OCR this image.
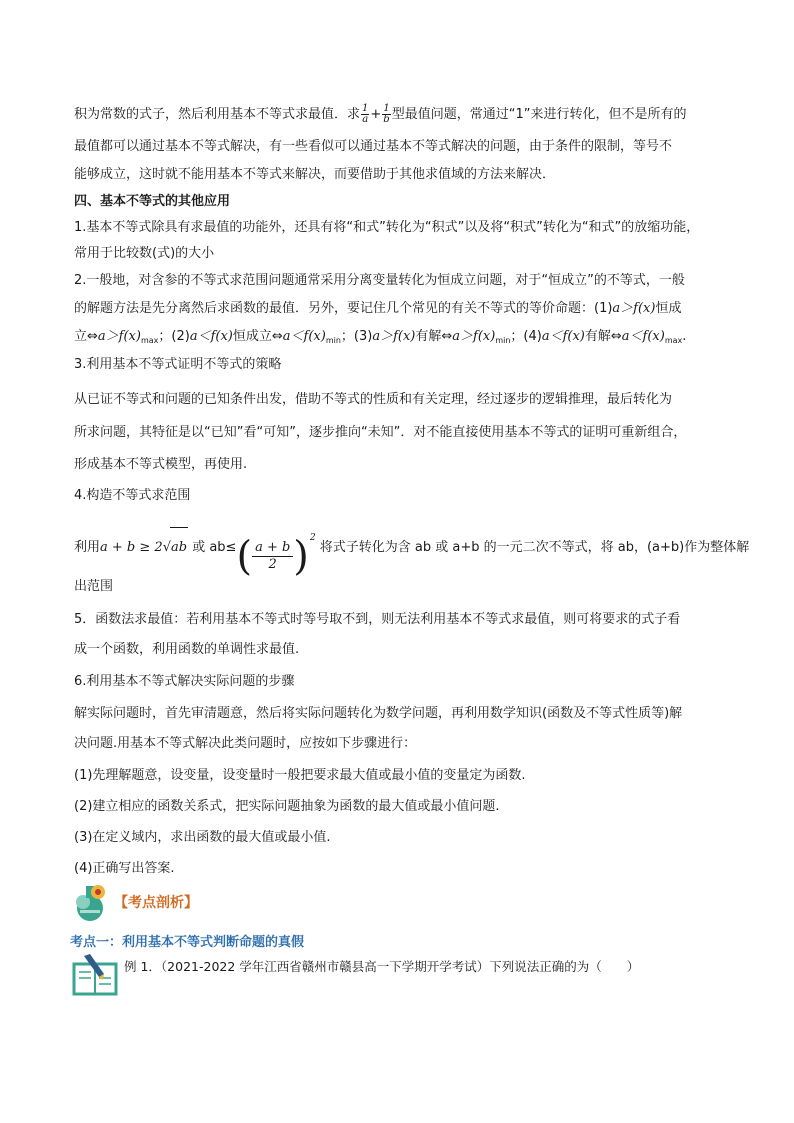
积为常数的式子，然后利用基本不等式求最值．求 $\frac{1}{a} + \frac{1}{b}$ 型最值问题，常通过“1”来进行转化，但不是所有的
最值都可以通过基本不等式解决，有一些看似可以通过基本不等式解决的问题，由于条件的限制，等号不
能够成立，这时就不能用基本不等式来解决，而要借助于其他求值域的方法来解决．
四、基本不等式的其他应用
1.基本不等式除具有求最值的功能外，还具有将“和式”转化为“积式”以及将“积式”转化为“和式”的放缩功能，
常用于比较数(式)的大小
2.一般地，对含参的不等式求范围问题通常采用分离变量转化为恒成立问题，对于“恒成立”的不等式，一般
的解题方法是先分离然后求函数的最值．另外，要记住几个常见的有关不等式的等价命题：(1)a＞f(x)恒成
立$\Leftrightarrow a>f(x)_{max}$；(2)a＜f(x)恒成立$\Leftrightarrow a<f(x)_{min}$；(3)a＞f(x)有解$\Leftrightarrow a>f(x)_{min}$；(4)a＜f(x)有解$\Leftrightarrow a<f(x)_{max}$.
3.利用基本不等式证明不等式的策略
从已证不等式和问题的已知条件出发，借助不等式的性质和有关定理，经过逐步的逻辑推理，最后转化为
所求问题，其特征是以“已知”看“可知”，逐步推向“未知”．对不能直接使用基本不等式的证明可重新组合，
形成基本不等式模型，再使用.
4.构造不等式求范围
利用a + b ≥ 2√ab 或 $ab\le( \frac{a + b}{2} )^2$ 将式子转化为含 ab 或 a+b 的一元二次不等式，将 ab，(a+b)作为整体解
出范围
5．函数法求最值：若利用基本不等式时等号取不到，则无法利用基本不等式求最值，则可将要求的式子看
成一个函数，利用函数的单调性求最值.
6.利用基本不等式解决实际问题的步骤
解实际问题时，首先审清题意，然后将实际问题转化为数学问题，再利用数学知识(函数及不等式性质等)解
决问题.用基本不等式解决此类问题时，应按如下步骤进行：
(1)先理解题意，设变量，设变量时一般把要求最大值或最小值的变量定为函数.
(2)建立相应的函数关系式，把实际问题抽象为函数的最大值或最小值问题.
(3)在定义域内，求出函数的最大值或最小值.
(4)正确写出答案.
【考点剖析】
考点一：利用基本不等式判断命题的真假
例 1．（2021-2022 学年江西省赣州市赣县高一下学期开学考试）下列说法正确的为（　　）
